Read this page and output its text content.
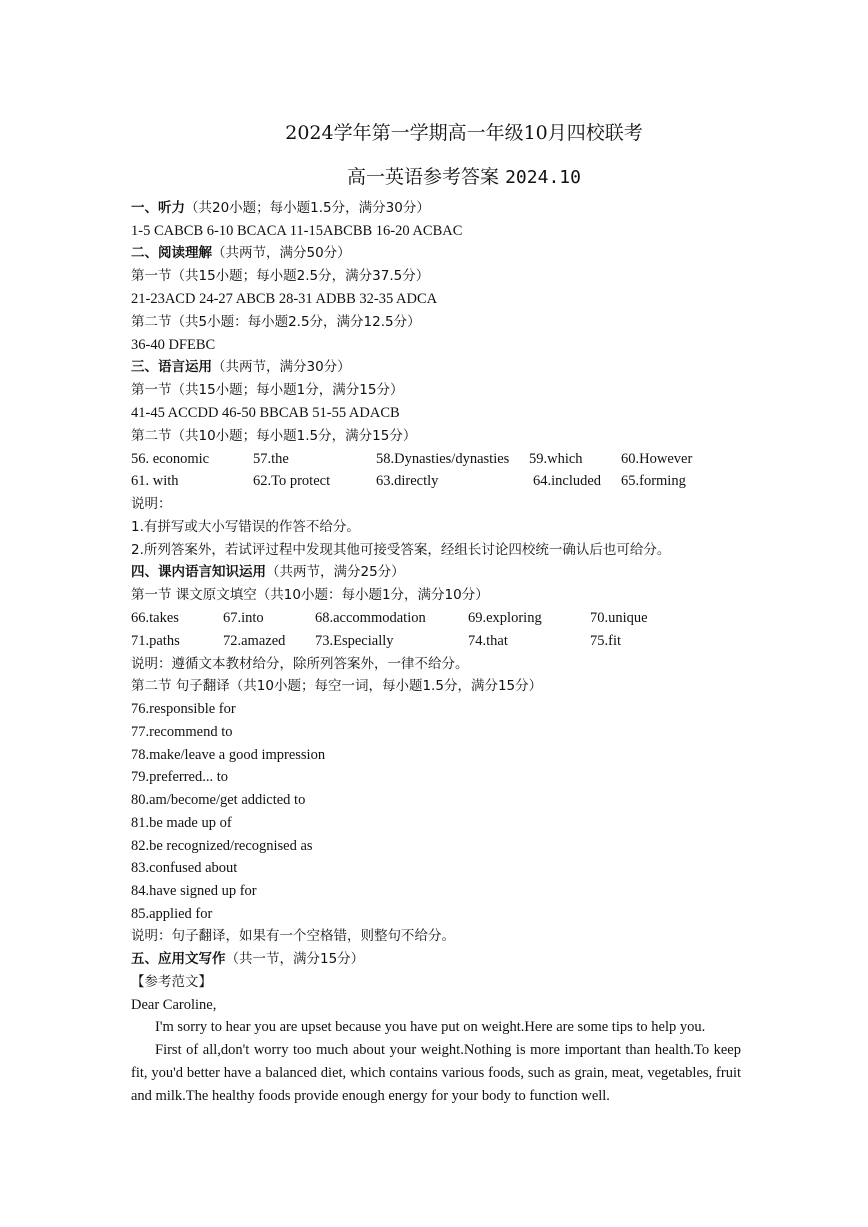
2024学年第一学期高一年级10月四校联考
高一英语参考答案 2024.10
一、听力（共20小题；每小题1.5分，满分30分）
1-5 CABCB 6-10 BCACA 11-15ABCBB 16-20 ACBAC
二、阅读理解（共两节，满分50分）
第一节（共15小题；每小题2.5分，满分37.5分）
21-23ACD 24-27 ABCB 28-31 ADBB 32-35 ADCA
第二节（共5小题：每小题2.5分，满分12.5分）
36-40 DFEBC
三、语言运用（共两节，满分30分）
第一节（共15小题；每小题1分，满分15分）
41-45 ACCDD 46-50 BBCAB 51-55 ADACB
第二节（共10小题；每小题1.5分，满分15分）
56. economic	57.the	58.Dynasties/dynasties 59.which	60.However
61. with	62.To protect	63.directly	64.included 65.forming
说明：
1.有拼写或大小写错误的作答不给分。
2.所列答案外，若试评过程中发现其他可接受答案，经组长讨论四校统一确认后也可给分。
四、课内语言知识运用（共两节，满分25分）
第一节 课文原文填空（共10小题：每小题1分，满分10分）
66.takes	67.into	68.accommodation	69.exploring	70.unique
71.paths	72.amazed 73.Especially	74.that	75.fit
说明：遵循文本教材给分，除所列答案外，一律不给分。
第二节 句子翻译（共10小题；每空一词，每小题1.5分，满分15分）
76.responsible for
77.recommend to
78.make/leave a good impression
79.preferred... to
80.am/become/get addicted to
81.be made up of
82.be recognized/recognised as
83.confused about
84.have signed up for
85.applied for
说明：句子翻译，如果有一个空格错，则整句不给分。
五、应用文写作（共一节，满分15分）
【参考范文】
Dear Caroline,
I'm sorry to hear you are upset because you have put on weight.Here are some tips to help you.
First of all,don't worry too much about your weight.Nothing is more important than health.To keep fit, you'd better have a balanced diet, which contains various foods, such as grain, meat, vegetables, fruit and milk.The healthy foods provide enough energy for your body to function well.
